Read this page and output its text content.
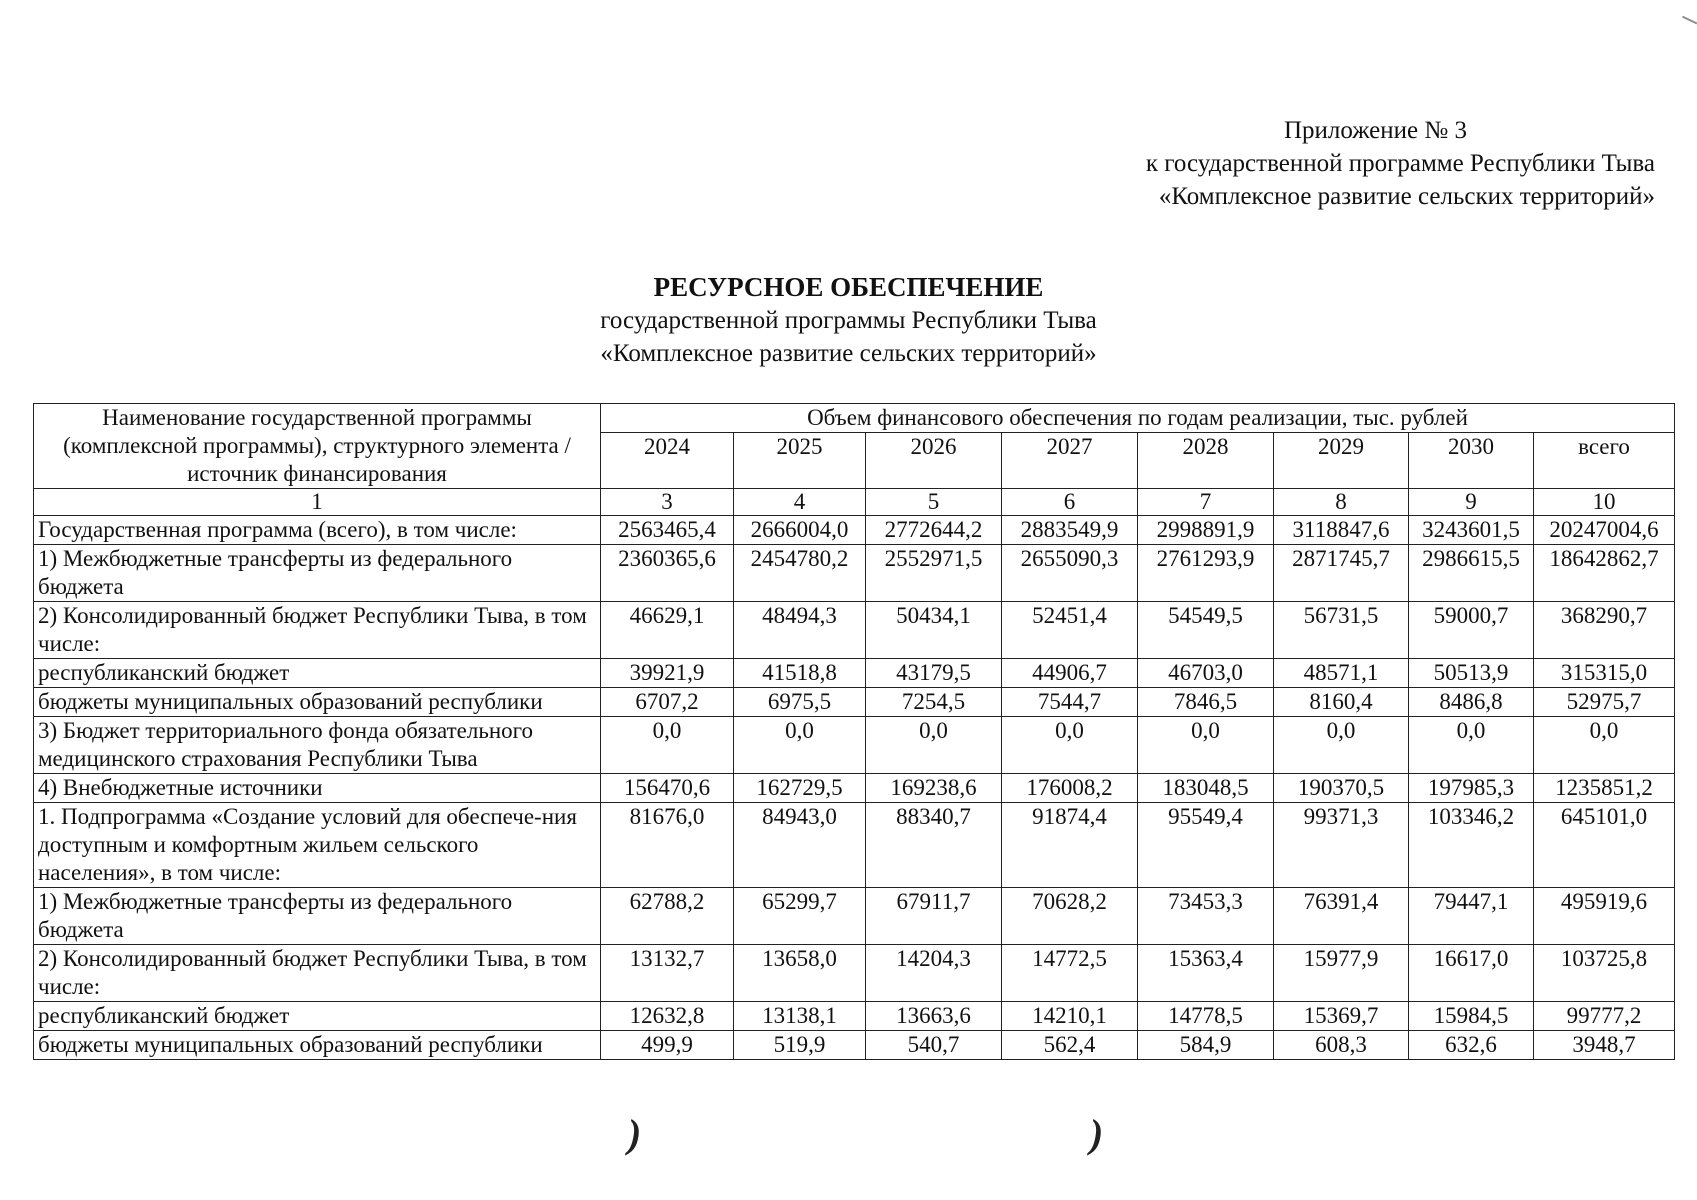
Приложение № 3
к государственной программе Республики Тыва
«Комплексное развитие сельских территорий»
РЕСУРСНОЕ ОБЕСПЕЧЕНИЕ
государственной программы Республики Тыва
«Комплексное развитие сельских территорий»
Наименование государственной программы (комплексной программы), структурного элемента / источник финансирования	Объем финансового обеспечения по годам реализации, тыс. рублей							
	2024	2025	2026	2027	2028	2029	2030	всего
1	3	4	5	6	7	8	9	10
Государственная программа (всего), в том числе:	2563465,4	2666004,0	2772644,2	2883549,9	2998891,9	3118847,6	3243601,5	20247004,6
1) Межбюджетные трансферты из федерального бюджета	2360365,6	2454780,2	2552971,5	2655090,3	2761293,9	2871745,7	2986615,5	18642862,7
2) Консолидированный бюджет Республики Тыва, в том числе:	46629,1	48494,3	50434,1	52451,4	54549,5	56731,5	59000,7	368290,7
республиканский бюджет	39921,9	41518,8	43179,5	44906,7	46703,0	48571,1	50513,9	315315,0
бюджеты муниципальных образований республики	6707,2	6975,5	7254,5	7544,7	7846,5	8160,4	8486,8	52975,7
3) Бюджет территориального фонда обязательного медицинского страхования Республики Тыва	0,0	0,0	0,0	0,0	0,0	0,0	0,0	0,0
4) Внебюджетные источники	156470,6	162729,5	169238,6	176008,2	183048,5	190370,5	197985,3	1235851,2
1. Подпрограмма «Создание условий для обеспече-ния доступным и комфортным жильем сельского населения», в том числе:	81676,0	84943,0	88340,7	91874,4	95549,4	99371,3	103346,2	645101,0
1) Межбюджетные трансферты из федерального бюджета	62788,2	65299,7	67911,7	70628,2	73453,3	76391,4	79447,1	495919,6
2) Консолидированный бюджет Республики Тыва, в том числе:	13132,7	13658,0	14204,3	14772,5	15363,4	15977,9	16617,0	103725,8
республиканский бюджет	12632,8	13138,1	13663,6	14210,1	14778,5	15369,7	15984,5	99777,2
бюджеты муниципальных образований республики	499,9	519,9	540,7	562,4	584,9	608,3	632,6	3948,7
)	)
